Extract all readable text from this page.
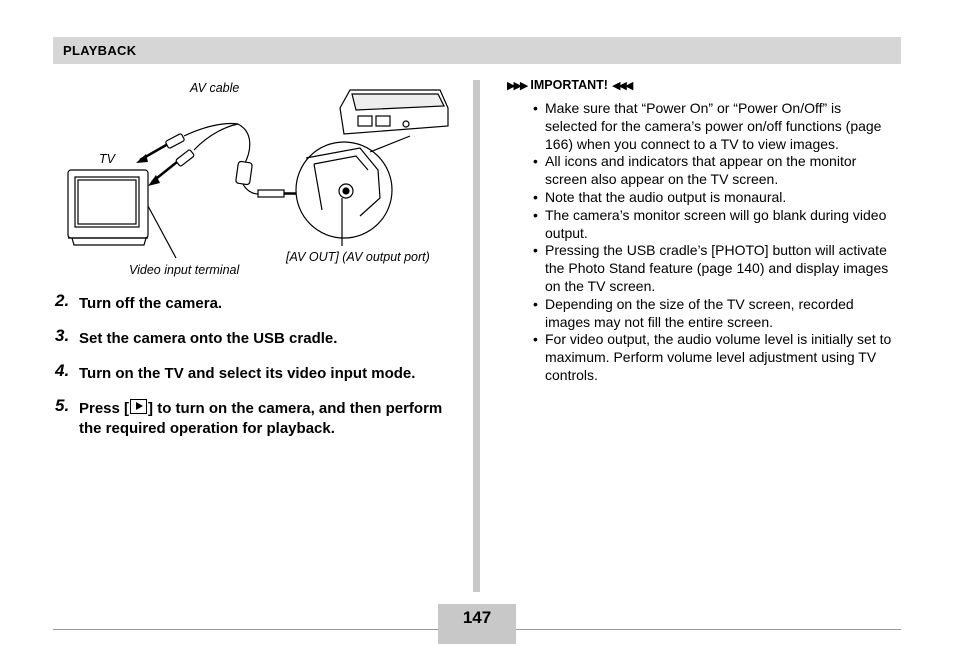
PLAYBACK
AV cable
TV
Video input terminal
[AV OUT] (AV output port)
2. Turn off the camera.
3. Set the camera onto the USB cradle.
4. Turn on the TV and select its video input mode.
5. Press [ ] to turn on the camera, and then perform the required operation for playback.
▶▶▶ IMPORTANT! ◀◀◀
• Make sure that “Power On” or “Power On/Off” is selected for the camera’s power on/off functions (page 166) when you connect to a TV to view images.
• All icons and indicators that appear on the monitor screen also appear on the TV screen.
• Note that the audio output is monaural.
• The camera’s monitor screen will go blank during video output.
• Pressing the USB cradle’s [PHOTO] button will activate the Photo Stand feature (page 140) and display images on the TV screen.
• Depending on the size of the TV screen, recorded images may not fill the entire screen.
• For video output, the audio volume level is initially set to maximum. Perform volume level adjustment using TV controls.
147
